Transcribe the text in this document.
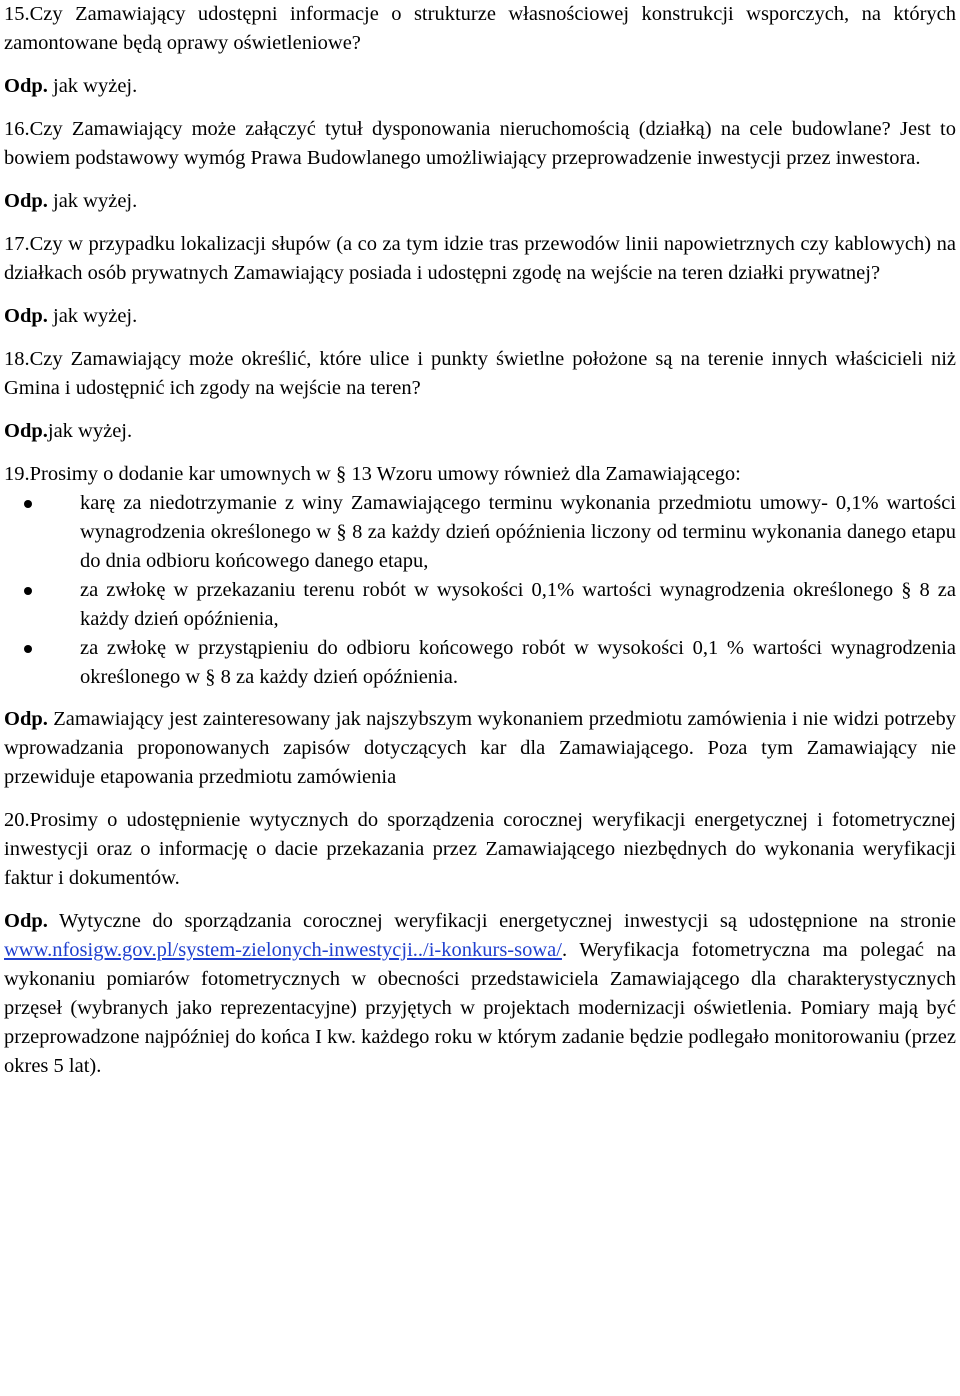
15.Czy Zamawiający udostępni informacje o strukturze własnościowej konstrukcji wsporczych, na których zamontowane będą oprawy oświetleniowe?

Odp. jak wyżej.

16.Czy Zamawiający może załączyć tytuł dysponowania nieruchomością (działką) na cele budowlane? Jest to bowiem podstawowy wymóg Prawa Budowlanego umożliwiający przeprowadzenie inwestycji przez inwestora.

Odp. jak wyżej.

17.Czy w przypadku lokalizacji słupów (a co za tym idzie tras przewodów linii napowietrznych czy kablowych) na działkach osób prywatnych Zamawiający posiada i udostępni zgodę na wejście na teren działki prywatnej?

Odp. jak wyżej.

18.Czy Zamawiający może określić, które ulice i punkty świetlne położone są na terenie innych właścicieli niż Gmina i udostępnić ich zgody na wejście na teren?

Odp.jak wyżej.

19.Prosimy o dodanie kar umownych w § 13 Wzoru umowy również dla Zamawiającego:

karę za niedotrzymanie z winy Zamawiającego terminu wykonania przedmiotu umowy- 0,1% wartości wynagrodzenia określonego w § 8 za każdy dzień opóźnienia liczony od terminu wykonania danego etapu do dnia odbioru końcowego danego etapu,
za zwłokę w przekazaniu terenu robót w wysokości 0,1% wartości wynagrodzenia określonego § 8 za każdy dzień opóźnienia,
za zwłokę w przystąpieniu do odbioru końcowego robót w wysokości 0,1 % wartości wynagrodzenia określonego w § 8 za każdy dzień opóźnienia.

Odp. Zamawiający jest zainteresowany jak najszybszym wykonaniem przedmiotu zamówienia i nie widzi potrzeby wprowadzania proponowanych zapisów dotyczących kar dla Zamawiającego. Poza tym Zamawiający nie przewiduje etapowania przedmiotu zamówienia

20.Prosimy o udostępnienie wytycznych do sporządzenia corocznej weryfikacji energetycznej i fotometrycznej inwestycji oraz o informację o dacie przekazania przez Zamawiającego niezbędnych do wykonania weryfikacji faktur i dokumentów.

Odp. Wytyczne do sporządzania corocznej weryfikacji energetycznej inwestycji są udostępnione na stronie www.nfosigw.gov.pl/system-zielonych-inwestycji../i-konkurs-sowa/. Weryfikacja fotometryczna ma polegać na wykonaniu pomiarów fotometrycznych w obecności przedstawiciela Zamawiającego dla charakterystycznych przęseł (wybranych jako reprezentacyjne) przyjętych w projektach modernizacji oświetlenia. Pomiary mają być przeprowadzone najpóźniej do końca I kw. każdego roku w którym zadanie będzie podlegało monitorowaniu (przez okres 5 lat).
